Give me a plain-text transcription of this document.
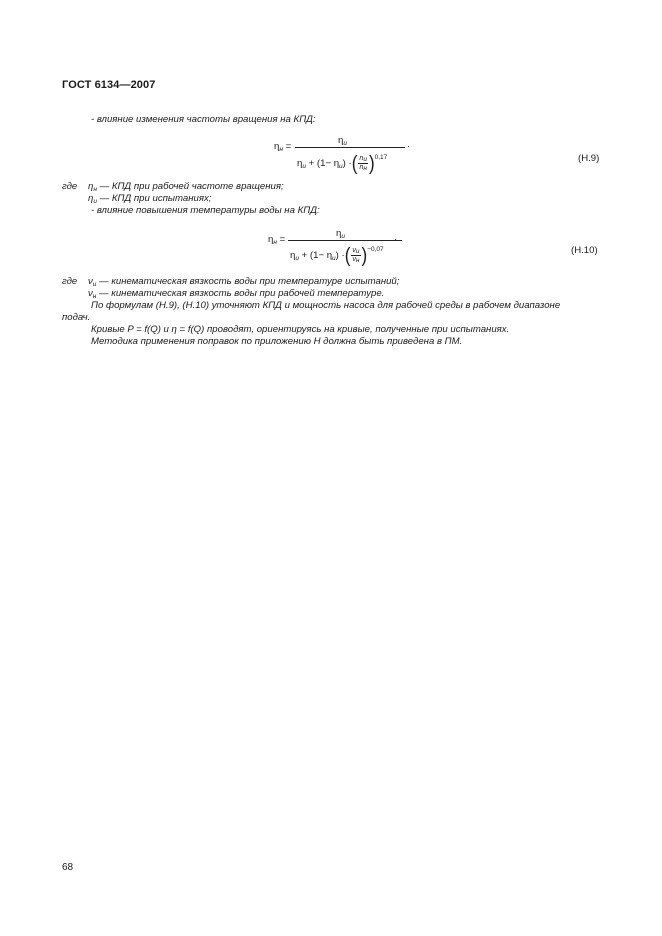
ГОСТ 6134—2007
- влияние изменения частоты вращения на КПД:
$\eta_н$ =
$\eta_и$
$\eta_и + (1- \eta_и)$ ·( $\frac{nи}{nн} )^{0,17}$
·
(Н.9)
где $\eta_н$ — КПД при рабочей частоте вращения;
$\eta_и$ — КПД при испытаниях;
- влияние повышения температуры воды на КПД:
$\eta_н$ =
$\eta_и$
$\eta_и + (1- \eta_и)$ ·( $\frac{\nu и}{\nu н} )^{-0,07}$
·
(Н.10)
где $\nu_и$ — кинематическая вязкость воды при температуре испытаний;
$\nu_н$ — кинематическая вязкость воды при рабочей температуре.
По формулам (Н.9), (Н.10) уточняют КПД и мощность насоса для рабочей среды в рабочем диапазоне
подач.
Кривые P = f(Q) и η = f(Q) проводят, ориентируясь на кривые, полученные при испытаниях.
Методика применения поправок по приложению Н должна быть приведена в ПМ.
68
